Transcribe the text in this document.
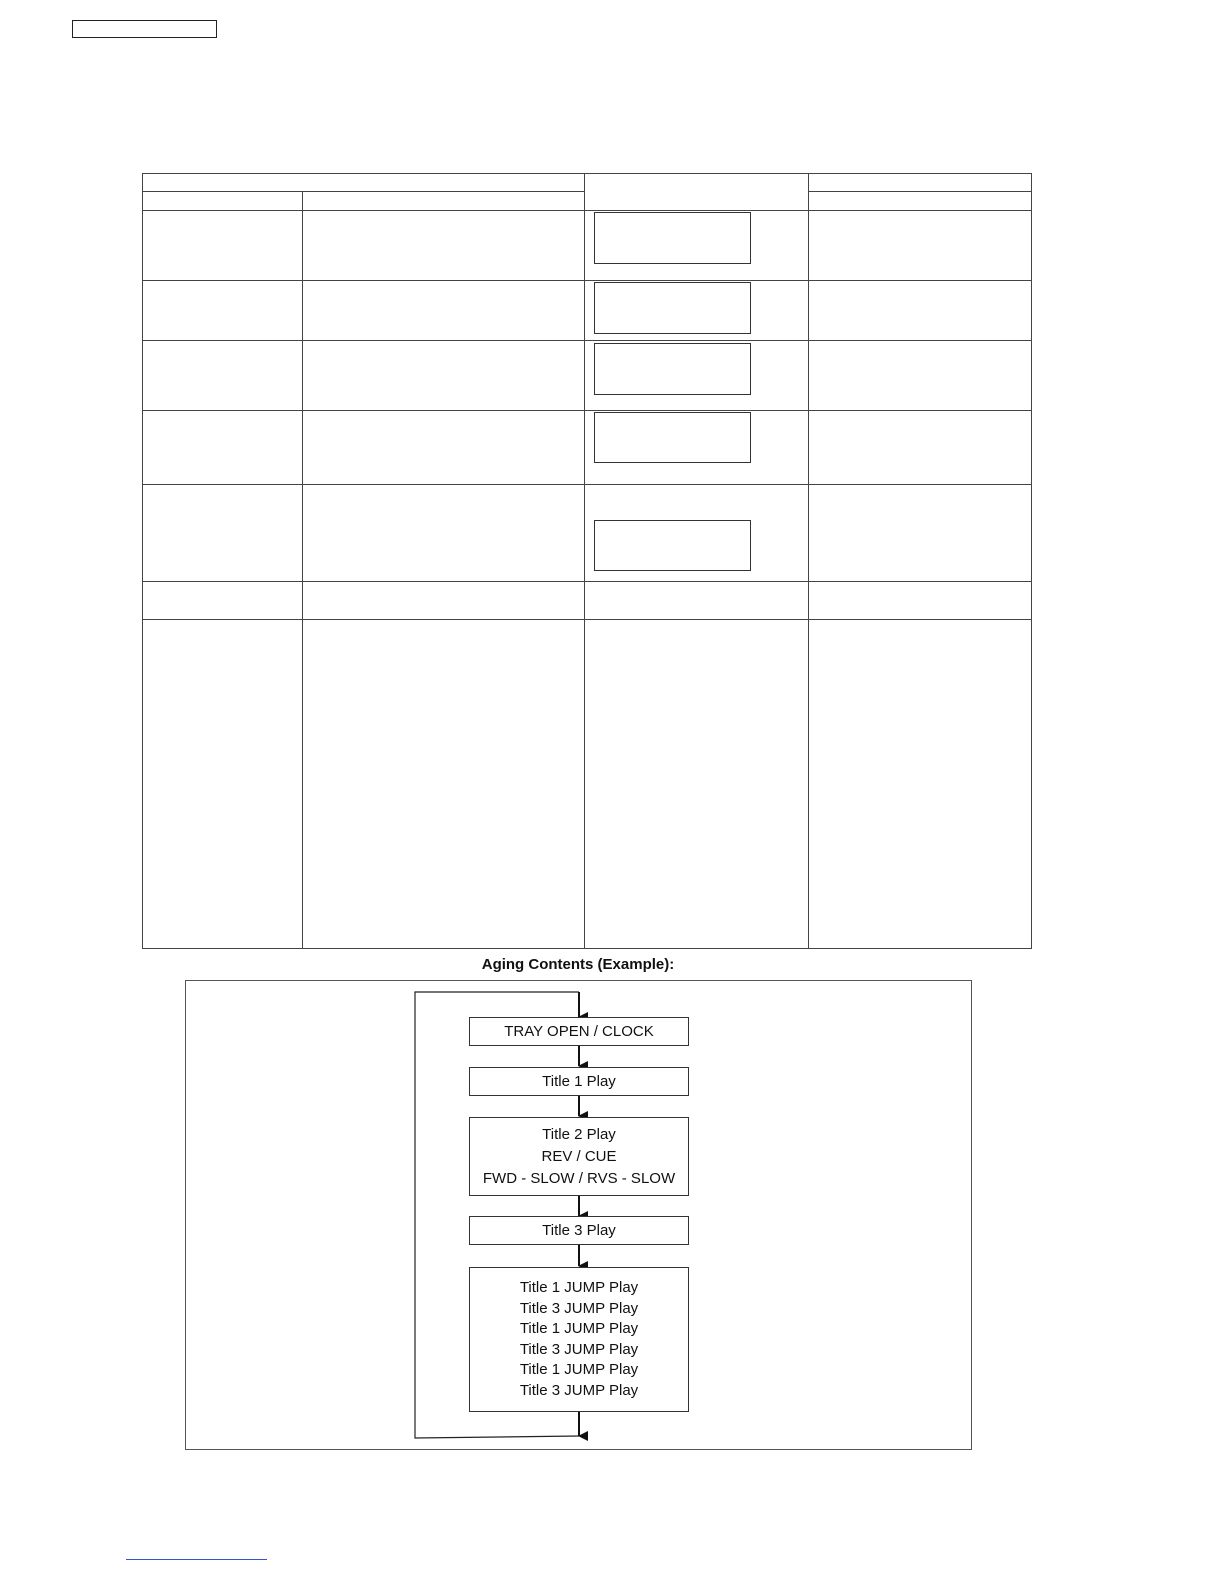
Aging Contents (Example):
TRAY OPEN / CLOCK
Title 1 Play
Title 2 Play
REV / CUE
FWD - SLOW / RVS - SLOW
Title 3 Play
Title 1 JUMP Play
Title 3 JUMP Play
Title 1 JUMP Play
Title 3 JUMP Play
Title 1 JUMP Play
Title 3 JUMP Play
